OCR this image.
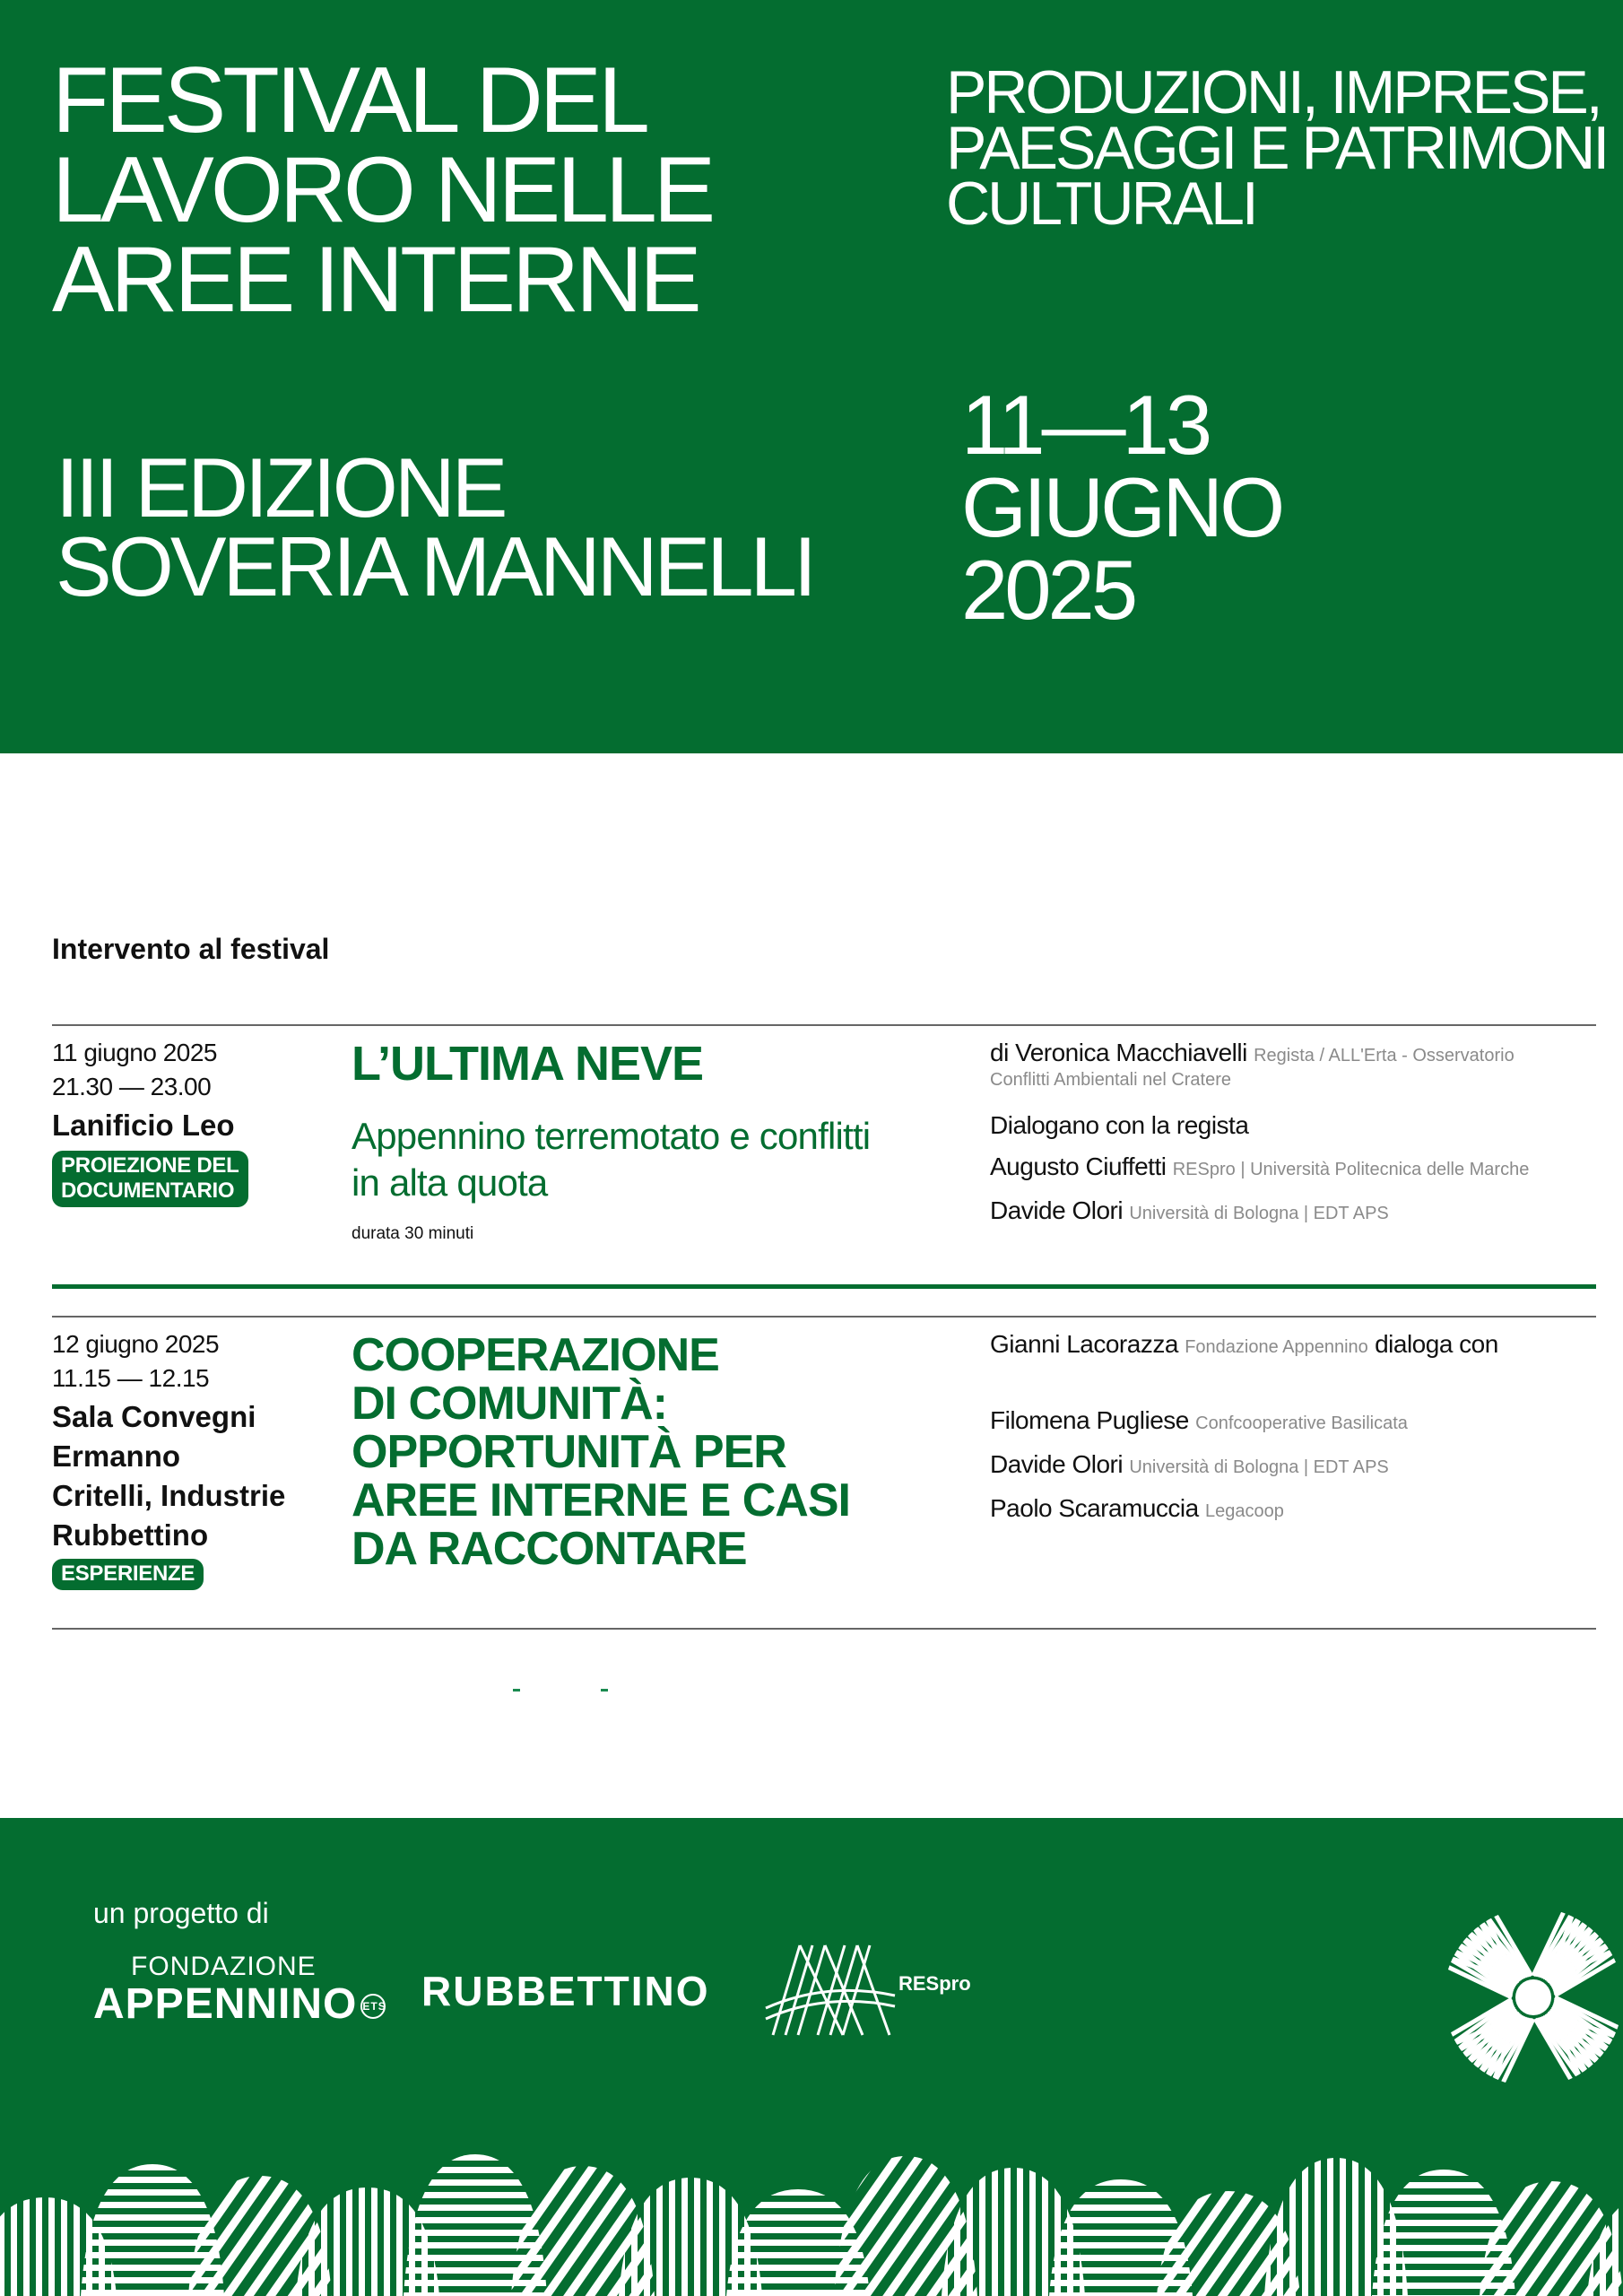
FESTIVAL DEL
LAVORO NELLE
AREE INTERNE
PRODUZIONI, IMPRESE,
PAESAGGI E PATRIMONI
CULTURALI
III EDIZIONE
SOVERIA MANNELLI
11—13
GIUGNO
2025
Intervento al festival
11 giugno 2025
21.30 — 23.00
Lanificio Leo
PROIEZIONE DEL
DOCUMENTARIO
L’ULTIMA NEVE
Appennino terremotato e conflitti
in alta quota
durata 30 minuti
di Veronica Macchiavelli Regista / ALL'Erta - Osservatorio
Conflitti Ambientali nel Cratere
Dialogano con la regista
Augusto Ciuffetti RESpro | Università Politecnica delle Marche
Davide Olori Università di Bologna | EDT APS
12 giugno 2025
11.15 — 12.15
Sala Convegni
Ermanno
Critelli, Industrie
Rubbettino
ESPERIENZE
COOPERAZIONE
DI COMUNITÀ:
OPPORTUNITÀ PER
AREE INTERNE E CASI
DA RACCONTARE
Gianni Lacorazza Fondazione Appennino dialoga con
Filomena Pugliese Confcooperative Basilicata
Davide Olori Università di Bologna | EDT APS
Paolo Scaramuccia Legacoop
un progetto di
FONDAZIONE
APPENNINO ETS RUBBETTINO	RESpro
